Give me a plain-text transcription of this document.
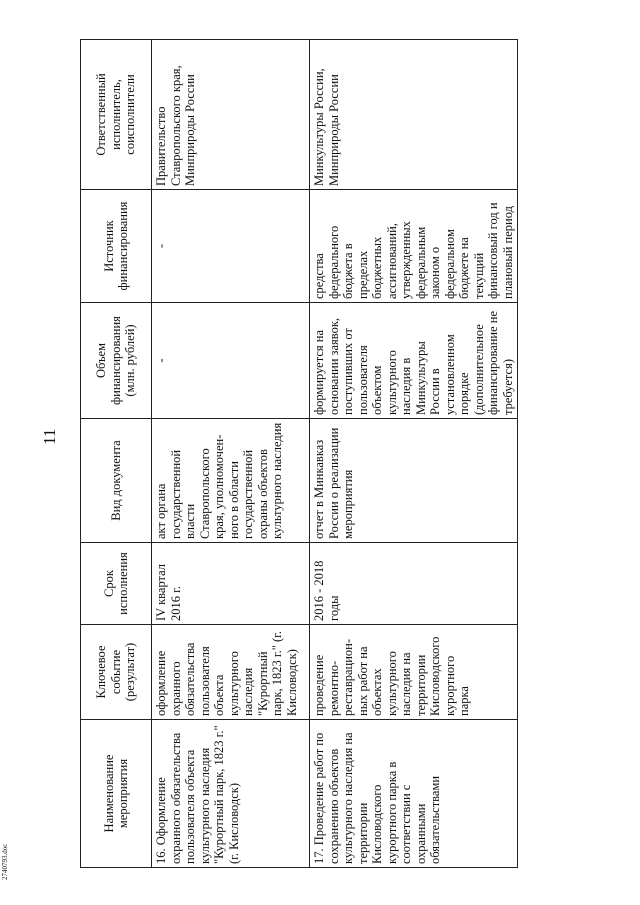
11
2740793.doc
Наименование мероприятия	Ключевое событие (результат)	Срок исполнения	Вид документа	Объем финансирования (млн. рублей)	Источник финансирования	Ответственный исполнитель, соисполнители
16. Оформление охранного обязательства пользователя объекта культурного наследия "Курортный парк, 1823 г." (г. Кисловодск)	оформление охранного обязательства пользователя объекта культурного наследия "Курортный парк, 1823 г." (г. Кисловодск)	IV квартал 2016 г.	акт органа государственной власти Ставропольского края, уполномочен-ного в области государственной охраны объектов культурного наследия	-	-	Правительство Ставропольского края, Минприроды России
17. Проведение работ по сохранению объектов культурного наследия на территории Кисловодского курортного парка в соответствии с охранными обязательствами	проведение ремонтно-реставрацион-ных работ на объектах культурного наследия на территории Кисловодского курортного парка	2016 - 2018 годы	отчет в Минкавказ России о реализации мероприятия	формируется на основании заявок, поступивших от пользователя объектом культурного наследия в Минкультуры России в установленном порядке (дополнительное финансирование не требуется)	средства федерального бюджета в пределах бюджетных ассигнований, утвержденных федеральным законом о федеральном бюджете на текущий финансовый год и плановый период	Минкультуры России, Минприроды России
